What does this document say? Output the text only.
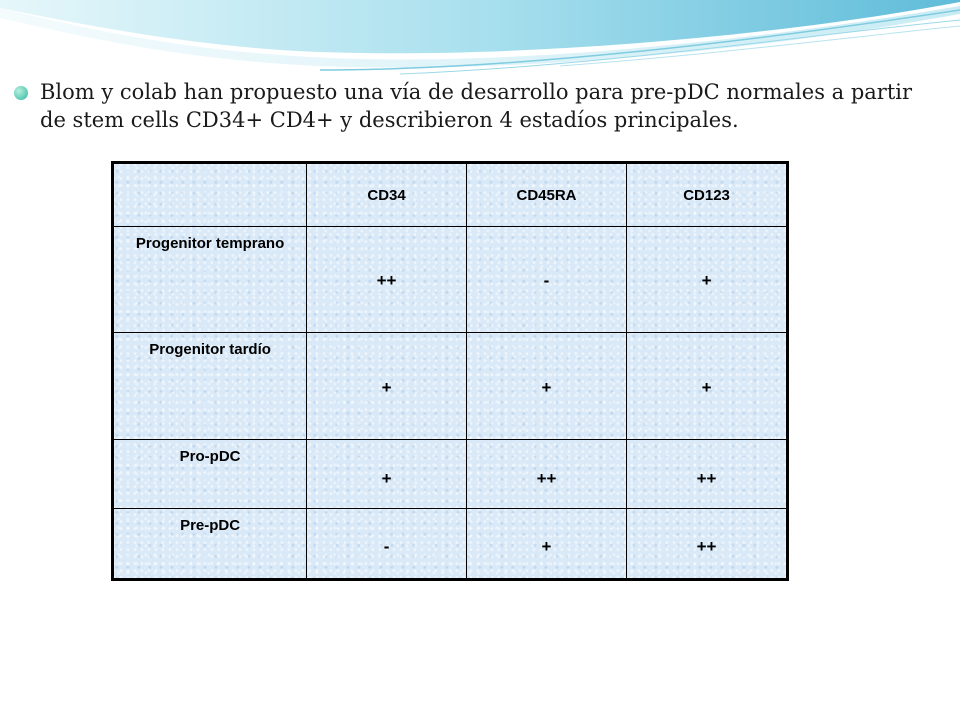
Blom y colab han propuesto una vía de desarrollo para pre-pDC normales a partir de stem cells CD34+ CD4+ y describieron 4 estadíos principales.
	CD34	CD45RA	CD123

Progenitor temprano	++	-	+

Progenitor tardío	+	+	+

Pro-pDC	+	++	++

Pre-pDC	-	+	++
